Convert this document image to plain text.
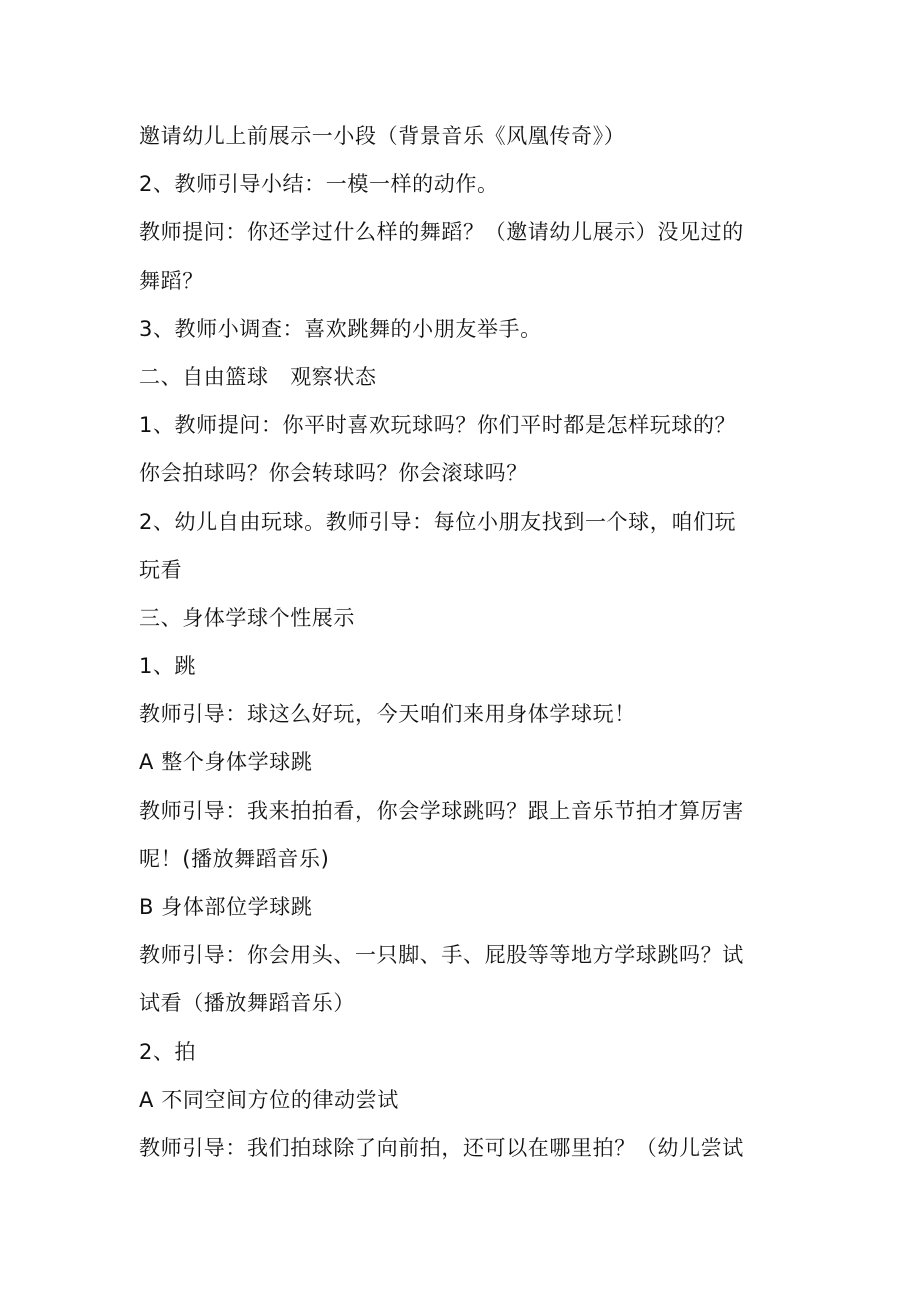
邀请幼儿上前展示一小段（背景音乐《风凰传奇》）
2、教师引导小结：一模一样的动作。
教师提问：你还学过什么样的舞蹈？（邀请幼儿展示）没见过的
舞蹈？
3、教师小调查：喜欢跳舞的小朋友举手。
二、自由篮球　观察状态
1、教师提问：你平时喜欢玩球吗？你们平时都是怎样玩球的？
你会拍球吗？你会转球吗？你会滚球吗？
2、幼儿自由玩球。教师引导：每位小朋友找到一个球，咱们玩
玩看
三、身体学球个性展示
1、跳
教师引导：球这么好玩，今天咱们来用身体学球玩！
A 整个身体学球跳
教师引导：我来拍拍看，你会学球跳吗？跟上音乐节拍才算厉害
呢！(播放舞蹈音乐)
B 身体部位学球跳
教师引导：你会用头、一只脚、手、屁股等等地方学球跳吗？试
试看（播放舞蹈音乐）
2、拍
A 不同空间方位的律动尝试
教师引导：我们拍球除了向前拍，还可以在哪里拍？（幼儿尝试
